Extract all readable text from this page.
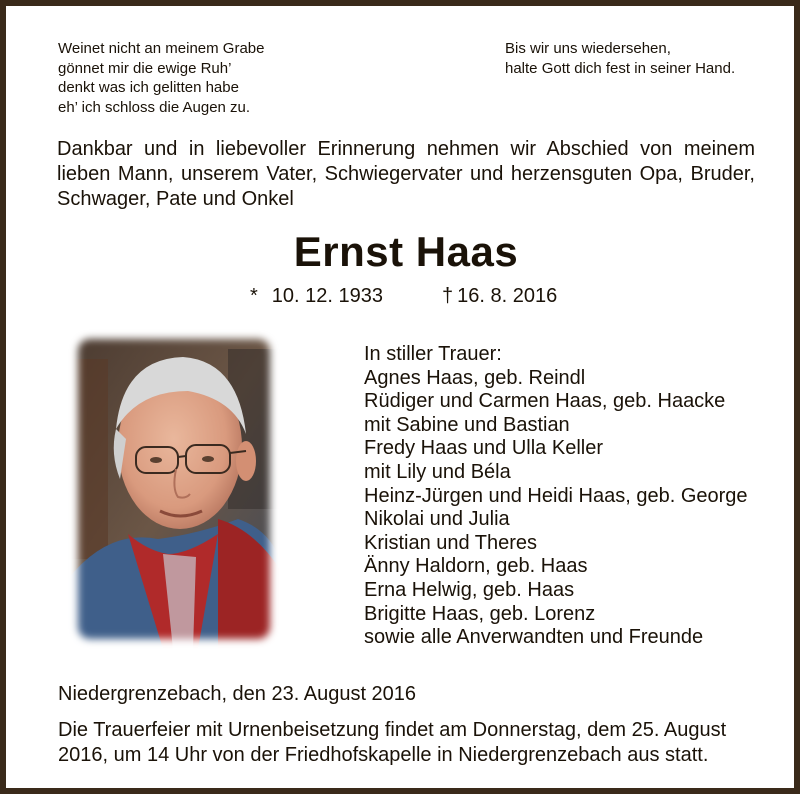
Weinet nicht an meinem Grabe
gönnet mir die ewige Ruh’
denkt was ich gelitten habe
eh’ ich schloss die Augen zu.
Bis wir uns wiedersehen,
halte Gott dich fest in seiner Hand.
Dankbar und in liebevoller Erinnerung nehmen wir Abschied von meinem lieben Mann, unserem Vater, Schwiegervater und herzensguten Opa, Bruder, Schwager, Pate und Onkel
Ernst Haas
* 10. 12. 1933	† 16. 8. 2016
In stiller Trauer:
Agnes Haas, geb. Reindl
Rüdiger und Carmen Haas, geb. Haacke
mit Sabine und Bastian
Fredy Haas und Ulla Keller
mit Lily und Béla
Heinz-Jürgen und Heidi Haas, geb. George
Nikolai und Julia
Kristian und Theres
Änny Haldorn, geb. Haas
Erna Helwig, geb. Haas
Brigitte Haas, geb. Lorenz
sowie alle Anverwandten und Freunde
Niedergrenzebach, den 23. August 2016
Die Trauerfeier mit Urnenbeisetzung findet am Donnerstag, dem 25. August 2016, um 14 Uhr von der Friedhofskapelle in Niedergrenzebach aus statt.
